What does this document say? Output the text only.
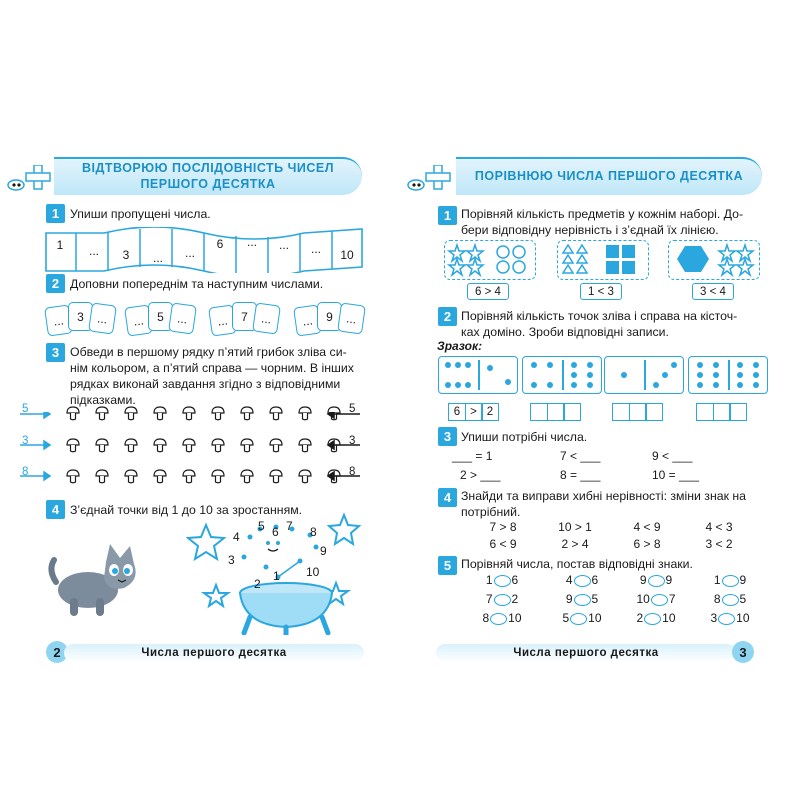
ВІДТВОРЮЮ ПОСЛІДОВНІСТЬ ЧИСЕЛ
ПЕРШОГО ДЕСЯТКА
1 Упиши пропущені числа.
1	...	3	...	...
6	...	...	...	10
2 Доповни попереднім та наступним числами.
...	3	...	...	5	...	...	7	...	...	9	...
3 Обведи в першому рядку п’ятий грибок зліва си-
нім кольором, а п’ятий справа — чорним. В інших
рядках виконай завдання згідно з відповідними
підказками.
5
3
8
5
3
8
4 З’єднай точки від 1 до 10 за зростанням.
1
2
3
4
5 6 7 8
9
10
2	Числа першого десятка
ПОРІВНЮЮ ЧИСЛА ПЕРШОГО ДЕСЯТКА
1 Порівняй кількість предметів у кожнім наборі. До-
бери відповідну нерівність і з’єднай їх лінією.
6 > 4	1 < 3	3 < 4
2 Порівняй кількість точок зліва і справа на кісточ-
ках доміно. Зроби відповідні записи.
Зразок:
6 > 2
3 Упиши потрібні числа.
___ = 1	7 < ___	9 < ___
2 > ___	8 = ___	10 = ___
4 Знайди та виправи хибні нерівності: зміни знак на
потрібний.
7 > 8	10 > 1	4 < 9	4 < 3
6 < 9	2 > 4	6 > 8	3 < 2
5 Порівняй числа, постав відповідні знаки.
1 6	4 6	9 9	1 9
7 2	9 5	10 7	8 5
8 10	5 10	2 10	3 10
Числа першого десятка	3
